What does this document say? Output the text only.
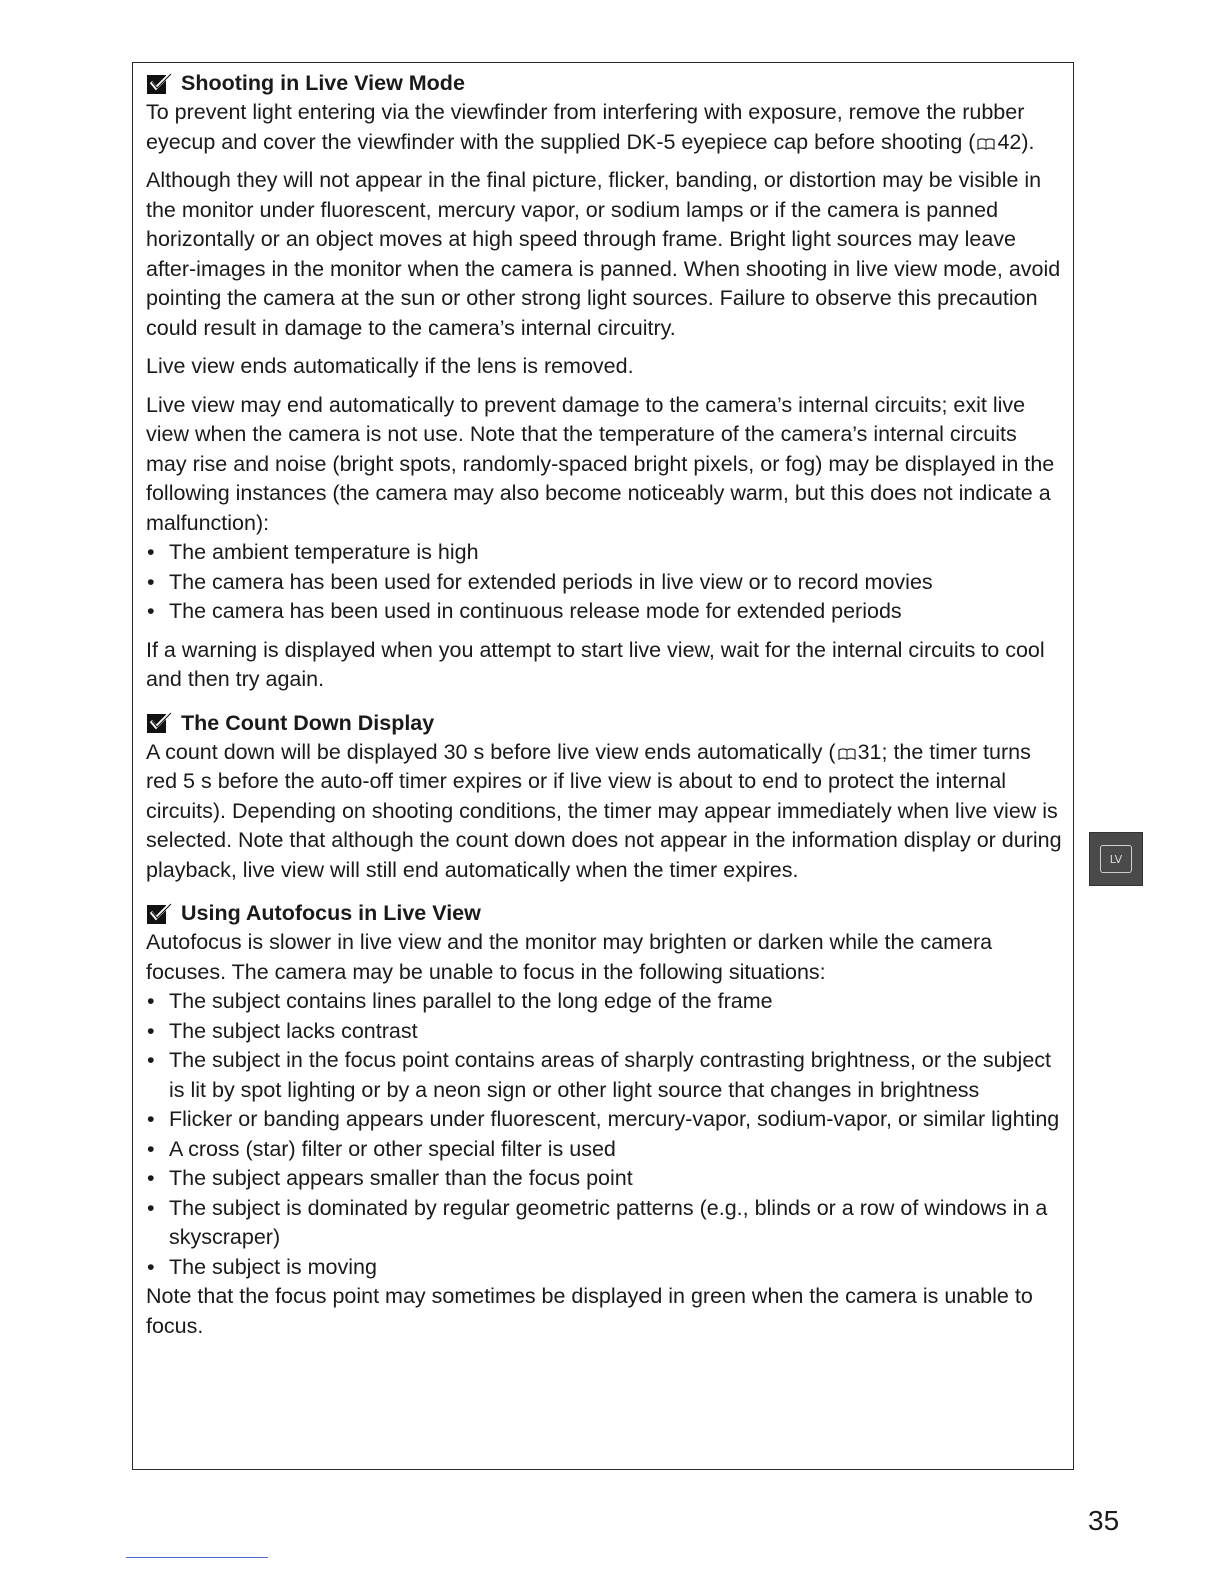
Shooting in Live View Mode

To prevent light entering via the viewfinder from interfering with exposure, remove the rubber eyecup and cover the viewfinder with the supplied DK-5 eyepiece cap before shooting ( 42).

Although they will not appear in the final picture, flicker, banding, or distortion may be visible in the monitor under fluorescent, mercury vapor, or sodium lamps or if the camera is panned horizontally or an object moves at high speed through frame. Bright light sources may leave after-images in the monitor when the camera is panned. When shooting in live view mode, avoid pointing the camera at the sun or other strong light sources. Failure to observe this precaution could result in damage to the camera’s internal circuitry.

Live view ends automatically if the lens is removed.

Live view may end automatically to prevent damage to the camera’s internal circuits; exit live view when the camera is not use. Note that the temperature of the camera’s internal circuits may rise and noise (bright spots, randomly-spaced bright pixels, or fog) may be displayed in the following instances (the camera may also become noticeably warm, but this does not indicate a malfunction):

• The ambient temperature is high
• The camera has been used for extended periods in live view or to record movies
• The camera has been used in continuous release mode for extended periods

If a warning is displayed when you attempt to start live view, wait for the internal circuits to cool and then try again.

The Count Down Display

A count down will be displayed 30 s before live view ends automatically ( 31; the timer turns red 5 s before the auto-off timer expires or if live view is about to end to protect the internal circuits). Depending on shooting conditions, the timer may appear immediately when live view is selected. Note that although the count down does not appear in the information display or during playback, live view will still end automatically when the timer expires.

Using Autofocus in Live View

Autofocus is slower in live view and the monitor may brighten or darken while the camera focuses. The camera may be unable to focus in the following situations:

• The subject contains lines parallel to the long edge of the frame
• The subject lacks contrast
• The subject in the focus point contains areas of sharply contrasting brightness, or the subject is lit by spot lighting or by a neon sign or other light source that changes in brightness
• Flicker or banding appears under fluorescent, mercury-vapor, sodium-vapor, or similar lighting
• A cross (star) filter or other special filter is used
• The subject appears smaller than the focus point
• The subject is dominated by regular geometric patterns (e.g., blinds or a row of windows in a skyscraper)
• The subject is moving

Note that the focus point may sometimes be displayed in green when the camera is unable to focus.

LV
35
